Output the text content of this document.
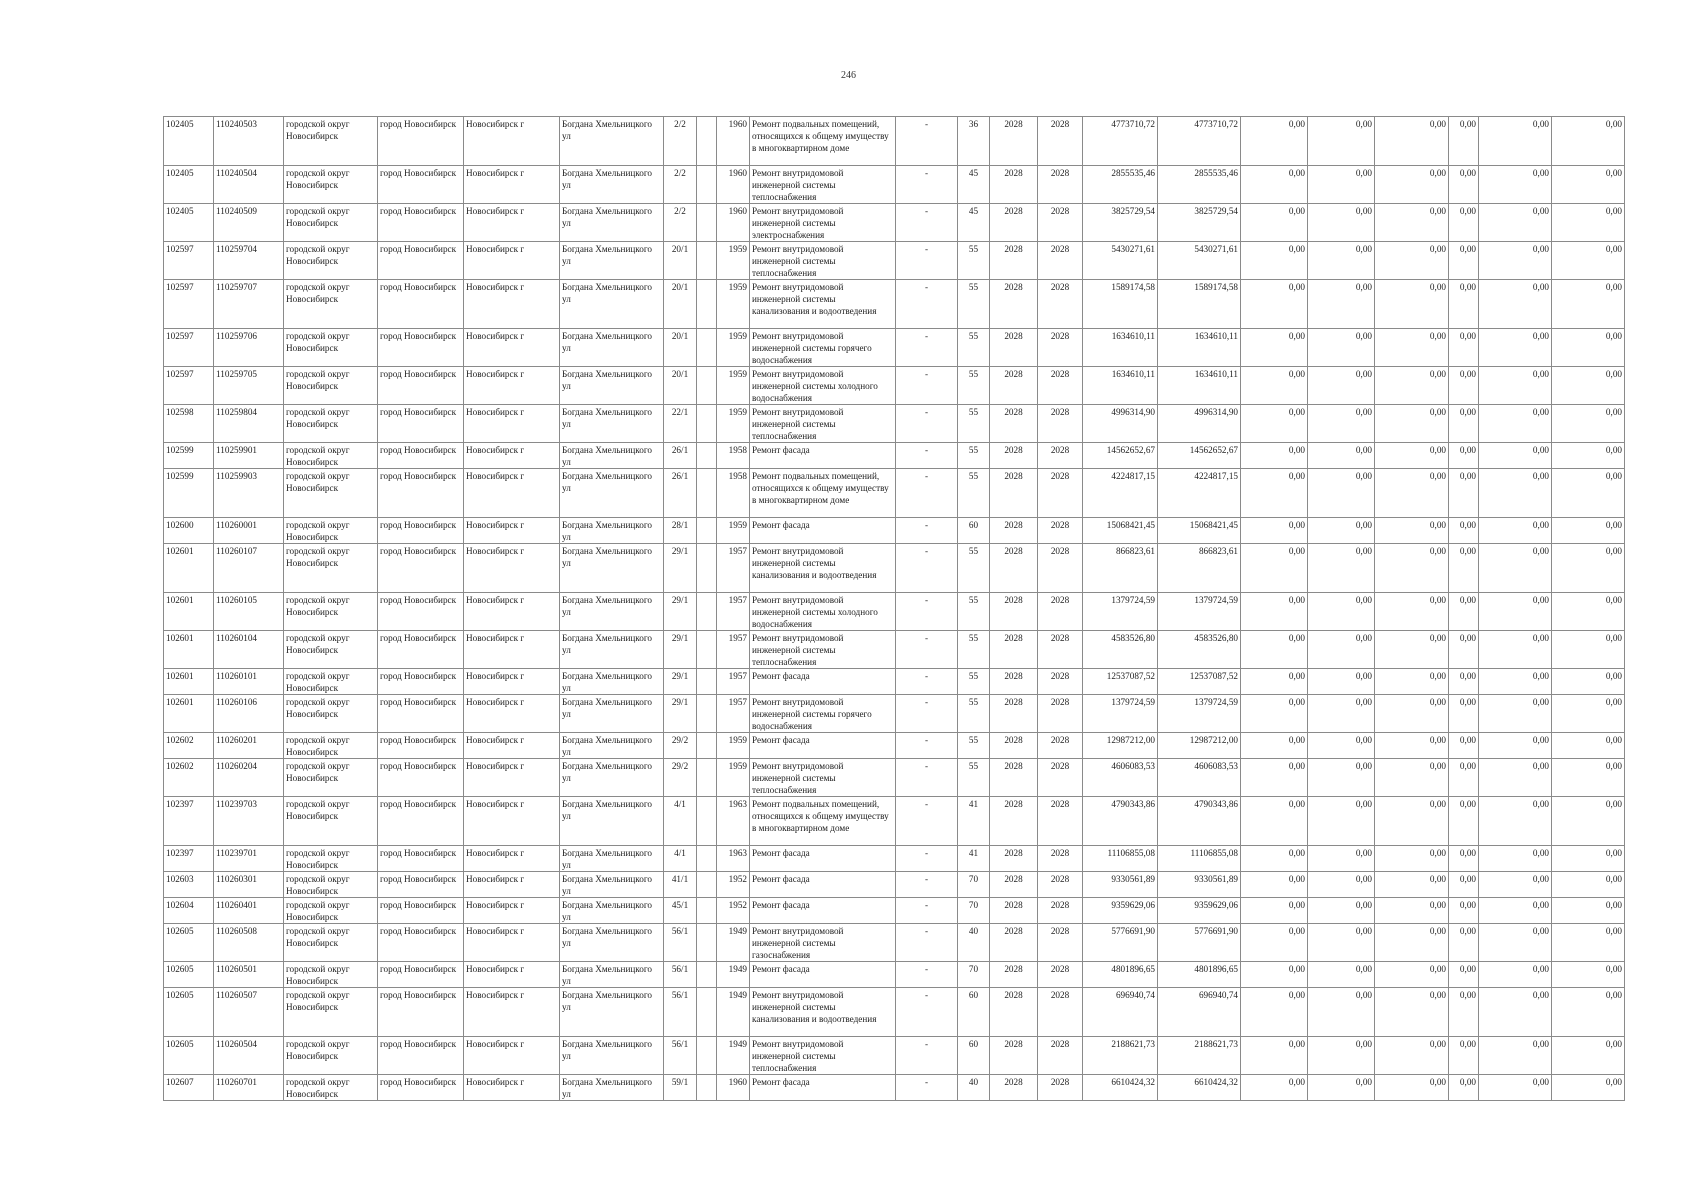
246
102405	110240503	городской округ Новосибирск	город Новосибирск	Новосибирск г	Богдана Хмельницкого ул	2/2		1960	Ремонт подвальных помещений, относящихся к общему имуществу в многоквартирном доме	-	36	2028	2028	4773710,72	4773710,72	0,00	0,00	0,00	0,00	0,00	0,00
102405	110240504	городской округ Новосибирск	город Новосибирск	Новосибирск г	Богдана Хмельницкого ул	2/2		1960	Ремонт внутридомовой инженерной системы теплоснабжения	-	45	2028	2028	2855535,46	2855535,46	0,00	0,00	0,00	0,00	0,00	0,00
102405	110240509	городской округ Новосибирск	город Новосибирск	Новосибирск г	Богдана Хмельницкого ул	2/2		1960	Ремонт внутридомовой инженерной системы электроснабжения	-	45	2028	2028	3825729,54	3825729,54	0,00	0,00	0,00	0,00	0,00	0,00
102597	110259704	городской округ Новосибирск	город Новосибирск	Новосибирск г	Богдана Хмельницкого ул	20/1		1959	Ремонт внутридомовой инженерной системы теплоснабжения	-	55	2028	2028	5430271,61	5430271,61	0,00	0,00	0,00	0,00	0,00	0,00
102597	110259707	городской округ Новосибирск	город Новосибирск	Новосибирск г	Богдана Хмельницкого ул	20/1		1959	Ремонт внутридомовой инженерной системы канализования и водоотведения	-	55	2028	2028	1589174,58	1589174,58	0,00	0,00	0,00	0,00	0,00	0,00
102597	110259706	городской округ Новосибирск	город Новосибирск	Новосибирск г	Богдана Хмельницкого ул	20/1		1959	Ремонт внутридомовой инженерной системы горячего водоснабжения	-	55	2028	2028	1634610,11	1634610,11	0,00	0,00	0,00	0,00	0,00	0,00
102597	110259705	городской округ Новосибирск	город Новосибирск	Новосибирск г	Богдана Хмельницкого ул	20/1		1959	Ремонт внутридомовой инженерной системы холодного водоснабжения	-	55	2028	2028	1634610,11	1634610,11	0,00	0,00	0,00	0,00	0,00	0,00
102598	110259804	городской округ Новосибирск	город Новосибирск	Новосибирск г	Богдана Хмельницкого ул	22/1		1959	Ремонт внутридомовой инженерной системы теплоснабжения	-	55	2028	2028	4996314,90	4996314,90	0,00	0,00	0,00	0,00	0,00	0,00
102599	110259901	городской округ Новосибирск	город Новосибирск	Новосибирск г	Богдана Хмельницкого ул	26/1		1958	Ремонт фасада	-	55	2028	2028	14562652,67	14562652,67	0,00	0,00	0,00	0,00	0,00	0,00
102599	110259903	городской округ Новосибирск	город Новосибирск	Новосибирск г	Богдана Хмельницкого ул	26/1		1958	Ремонт подвальных помещений, относящихся к общему имуществу в многоквартирном доме	-	55	2028	2028	4224817,15	4224817,15	0,00	0,00	0,00	0,00	0,00	0,00
102600	110260001	городской округ Новосибирск	город Новосибирск	Новосибирск г	Богдана Хмельницкого ул	28/1		1959	Ремонт фасада	-	60	2028	2028	15068421,45	15068421,45	0,00	0,00	0,00	0,00	0,00	0,00
102601	110260107	городской округ Новосибирск	город Новосибирск	Новосибирск г	Богдана Хмельницкого ул	29/1		1957	Ремонт внутридомовой инженерной системы канализования и водоотведения	-	55	2028	2028	866823,61	866823,61	0,00	0,00	0,00	0,00	0,00	0,00
102601	110260105	городской округ Новосибирск	город Новосибирск	Новосибирск г	Богдана Хмельницкого ул	29/1		1957	Ремонт внутридомовой инженерной системы холодного водоснабжения	-	55	2028	2028	1379724,59	1379724,59	0,00	0,00	0,00	0,00	0,00	0,00
102601	110260104	городской округ Новосибирск	город Новосибирск	Новосибирск г	Богдана Хмельницкого ул	29/1		1957	Ремонт внутридомовой инженерной системы теплоснабжения	-	55	2028	2028	4583526,80	4583526,80	0,00	0,00	0,00	0,00	0,00	0,00
102601	110260101	городской округ Новосибирск	город Новосибирск	Новосибирск г	Богдана Хмельницкого ул	29/1		1957	Ремонт фасада	-	55	2028	2028	12537087,52	12537087,52	0,00	0,00	0,00	0,00	0,00	0,00
102601	110260106	городской округ Новосибирск	город Новосибирск	Новосибирск г	Богдана Хмельницкого ул	29/1		1957	Ремонт внутридомовой инженерной системы горячего водоснабжения	-	55	2028	2028	1379724,59	1379724,59	0,00	0,00	0,00	0,00	0,00	0,00
102602	110260201	городской округ Новосибирск	город Новосибирск	Новосибирск г	Богдана Хмельницкого ул	29/2		1959	Ремонт фасада	-	55	2028	2028	12987212,00	12987212,00	0,00	0,00	0,00	0,00	0,00	0,00
102602	110260204	городской округ Новосибирск	город Новосибирск	Новосибирск г	Богдана Хмельницкого ул	29/2		1959	Ремонт внутридомовой инженерной системы теплоснабжения	-	55	2028	2028	4606083,53	4606083,53	0,00	0,00	0,00	0,00	0,00	0,00
102397	110239703	городской округ Новосибирск	город Новосибирск	Новосибирск г	Богдана Хмельницкого ул	4/1		1963	Ремонт подвальных помещений, относящихся к общему имуществу в многоквартирном доме	-	41	2028	2028	4790343,86	4790343,86	0,00	0,00	0,00	0,00	0,00	0,00
102397	110239701	городской округ Новосибирск	город Новосибирск	Новосибирск г	Богдана Хмельницкого ул	4/1		1963	Ремонт фасада	-	41	2028	2028	11106855,08	11106855,08	0,00	0,00	0,00	0,00	0,00	0,00
102603	110260301	городской округ Новосибирск	город Новосибирск	Новосибирск г	Богдана Хмельницкого ул	41/1		1952	Ремонт фасада	-	70	2028	2028	9330561,89	9330561,89	0,00	0,00	0,00	0,00	0,00	0,00
102604	110260401	городской округ Новосибирск	город Новосибирск	Новосибирск г	Богдана Хмельницкого ул	45/1		1952	Ремонт фасада	-	70	2028	2028	9359629,06	9359629,06	0,00	0,00	0,00	0,00	0,00	0,00
102605	110260508	городской округ Новосибирск	город Новосибирск	Новосибирск г	Богдана Хмельницкого ул	56/1		1949	Ремонт внутридомовой инженерной системы газоснабжения	-	40	2028	2028	5776691,90	5776691,90	0,00	0,00	0,00	0,00	0,00	0,00
102605	110260501	городской округ Новосибирск	город Новосибирск	Новосибирск г	Богдана Хмельницкого ул	56/1		1949	Ремонт фасада	-	70	2028	2028	4801896,65	4801896,65	0,00	0,00	0,00	0,00	0,00	0,00
102605	110260507	городской округ Новосибирск	город Новосибирск	Новосибирск г	Богдана Хмельницкого ул	56/1		1949	Ремонт внутридомовой инженерной системы канализования и водоотведения	-	60	2028	2028	696940,74	696940,74	0,00	0,00	0,00	0,00	0,00	0,00
102605	110260504	городской округ Новосибирск	город Новосибирск	Новосибирск г	Богдана Хмельницкого ул	56/1		1949	Ремонт внутридомовой инженерной системы теплоснабжения	-	60	2028	2028	2188621,73	2188621,73	0,00	0,00	0,00	0,00	0,00	0,00
102607	110260701	городской округ Новосибирск	город Новосибирск	Новосибирск г	Богдана Хмельницкого ул	59/1		1960	Ремонт фасада	-	40	2028	2028	6610424,32	6610424,32	0,00	0,00	0,00	0,00	0,00	0,00
